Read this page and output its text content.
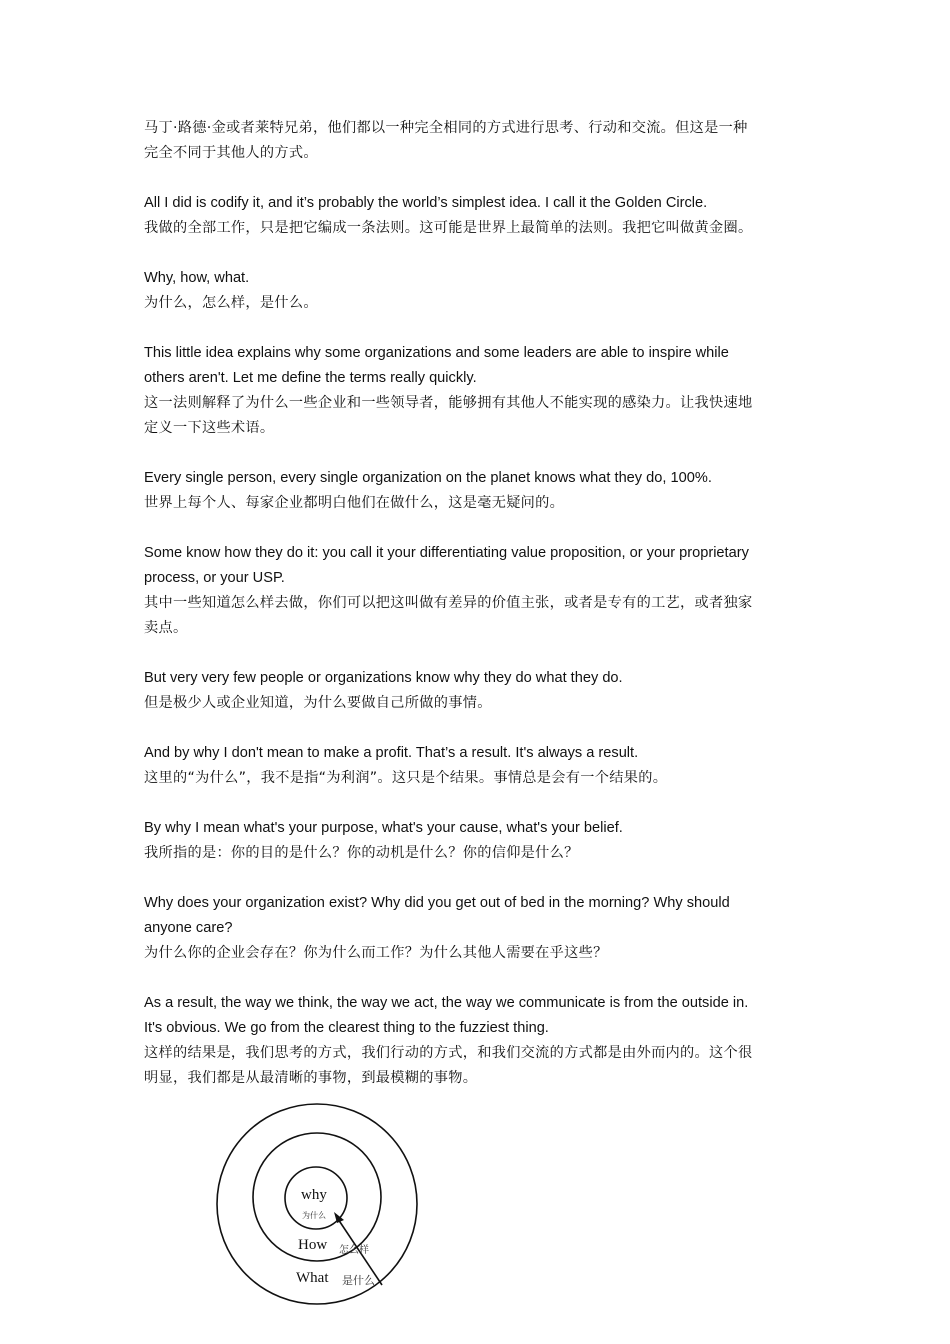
马丁·路德·金或者莱特兄弟，他们都以一种完全相同的方式进行思考、行动和交流。但这是一种

完全不同于其他人的方式。

All I did is codify it, and it’s probably the world’s simplest idea. I call it the Golden Circle.

我做的全部工作，只是把它编成一条法则。这可能是世界上最简单的法则。我把它叫做黄金圈。

Why, how, what.

为什么，怎么样，是什么。

This little idea explains why some organizations and some leaders are able to inspire while

others aren't. Let me define the terms really quickly.

这一法则解释了为什么一些企业和一些领导者，能够拥有其他人不能实现的感染力。让我快速地

定义一下这些术语。

Every single person, every single organization on the planet knows what they do, 100%.

世界上每个人、每家企业都明白他们在做什么，这是毫无疑问的。

Some know how they do it: you call it your differentiating value proposition, or your proprietary

process, or your USP.

其中一些知道怎么样去做，你们可以把这叫做有差异的价值主张，或者是专有的工艺，或者独家

卖点。

But very very few people or organizations know why they do what they do.

但是极少人或企业知道，为什么要做自己所做的事情。

And by why I don't mean to make a profit. That’s a result. It's always a result.

这里的“为什么”，我不是指“为利润”。这只是个结果。事情总是会有一个结果的。

By why I mean what's your purpose, what's your cause, what's your belief.

我所指的是：你的目的是什么？你的动机是什么？你的信仰是什么？

Why does your organization exist? Why did you get out of bed in the morning? Why should

anyone care?

为什么你的企业会存在？你为什么而工作？为什么其他人需要在乎这些？

As a result, the way we think, the way we act, the way we communicate is from the outside in.

It's obvious. We go from the clearest thing to the fuzziest thing.

这样的结果是，我们思考的方式，我们行动的方式，和我们交流的方式都是由外而内的。这个很

明显，我们都是从最清晰的事物，到最模糊的事物。

why
为什么
How 怎么样
What 是什么
